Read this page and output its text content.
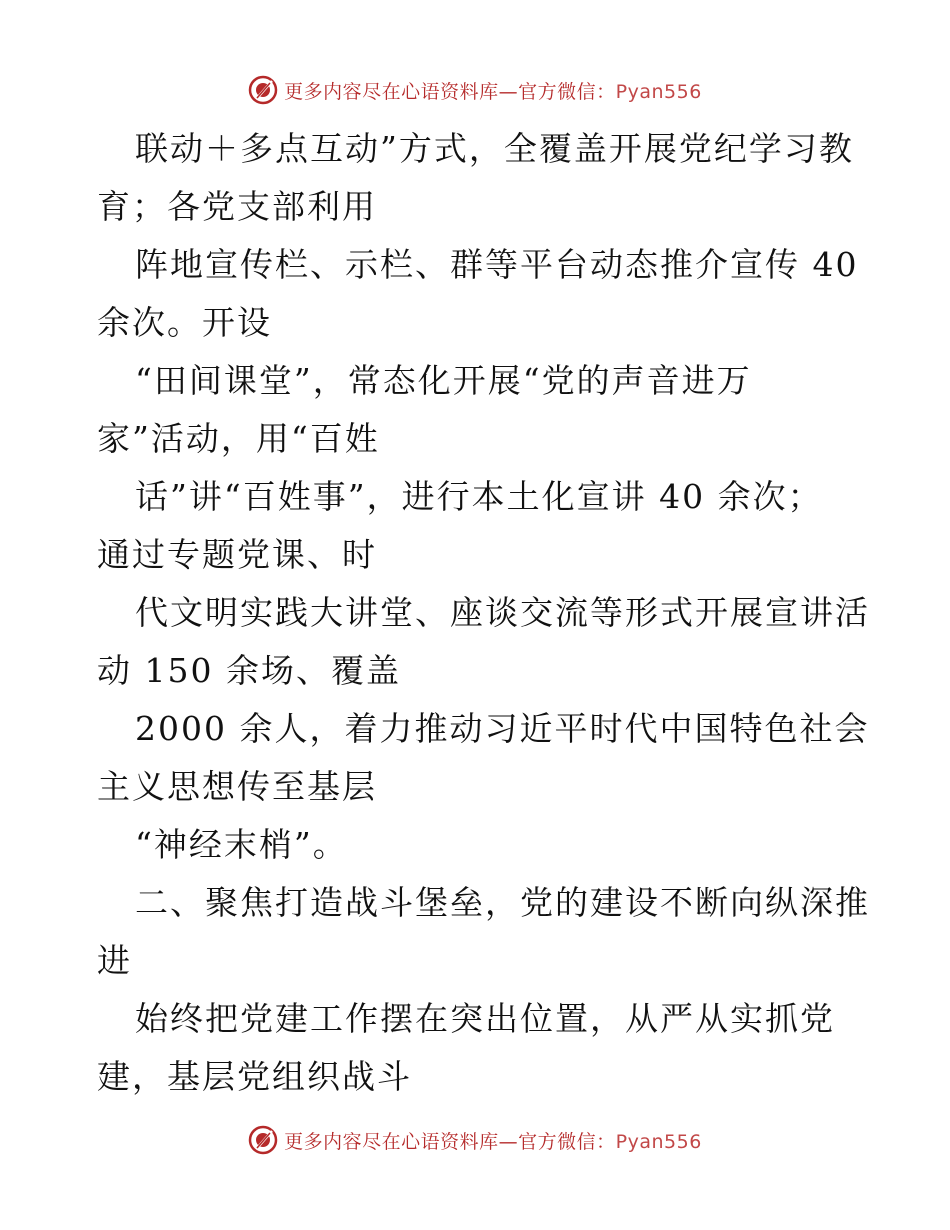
更多内容尽在心语资料库—官方微信：Pyan556
联动＋多点互动”方式，全覆盖开展党纪学习教
育；各党支部利用
阵地宣传栏、示栏、群等平台动态推介宣传 40
余次。开设
“田间课堂”，常态化开展“党的声音进万
家”活动，用“百姓
话”讲“百姓事”，进行本土化宣讲 40 余次；
通过专题党课、时
代文明实践大讲堂、座谈交流等形式开展宣讲活
动 150 余场、覆盖
2000 余人，着力推动习近平时代中国特色社会
主义思想传至基层
“神经末梢”。
二、聚焦打造战斗堡垒，党的建设不断向纵深推
进
始终把党建工作摆在突出位置，从严从实抓党
建，基层党组织战斗
更多内容尽在心语资料库—官方微信：Pyan556
